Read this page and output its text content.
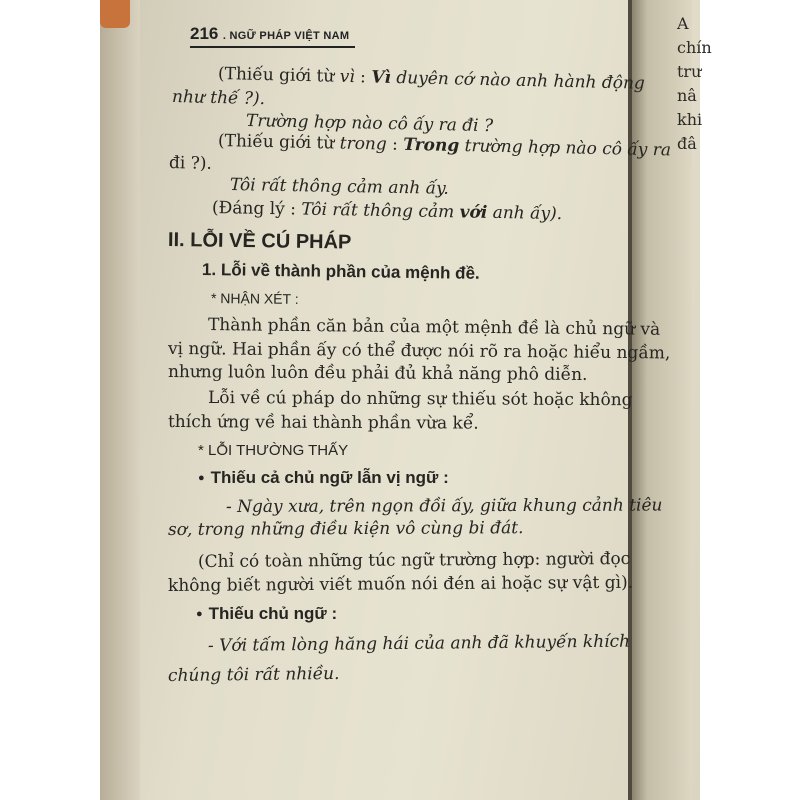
A
chín
trư
nâ
khi
đâ
216 . NGỮ PHÁP VIỆT NAM
(Thiếu giới từ vì : Vì duyên cớ nào anh hành động
như thế ?).
Trường hợp nào cô ấy ra đi ?
(Thiếu giới từ trong : Trong trường hợp nào cô ấy ra
đi ?).
Tôi rất thông cảm anh ấy.
(Đáng lý : Tôi rất thông cảm với anh ấy).
II. LỖI VỀ CÚ PHÁP
1. Lỗi về thành phần của mệnh đề.
* NHẬN XÉT :
Thành phần căn bản của một mệnh đề là chủ ngữ và
vị ngữ. Hai phần ấy có thể được nói rõ ra hoặc hiểu ngầm,
nhưng luôn luôn đều phải đủ khả năng phô diễn.
Lỗi về cú pháp do những sự thiếu sót hoặc không
thích ứng về hai thành phần vừa kể.
* LỖI THƯỜNG THẤY
● Thiếu cả chủ ngữ lẫn vị ngữ :
- Ngày xưa, trên ngọn đồi ấy, giữa khung cảnh tiêu
sơ, trong những điều kiện vô cùng bi đát.
(Chỉ có toàn những túc ngữ trường hợp: người đọc
không biết người viết muốn nói đén ai hoặc sự vật gì).
● Thiếu chủ ngữ :
- Với tấm lòng hăng hái của anh đã khuyến khích
chúng tôi rất nhiều.
